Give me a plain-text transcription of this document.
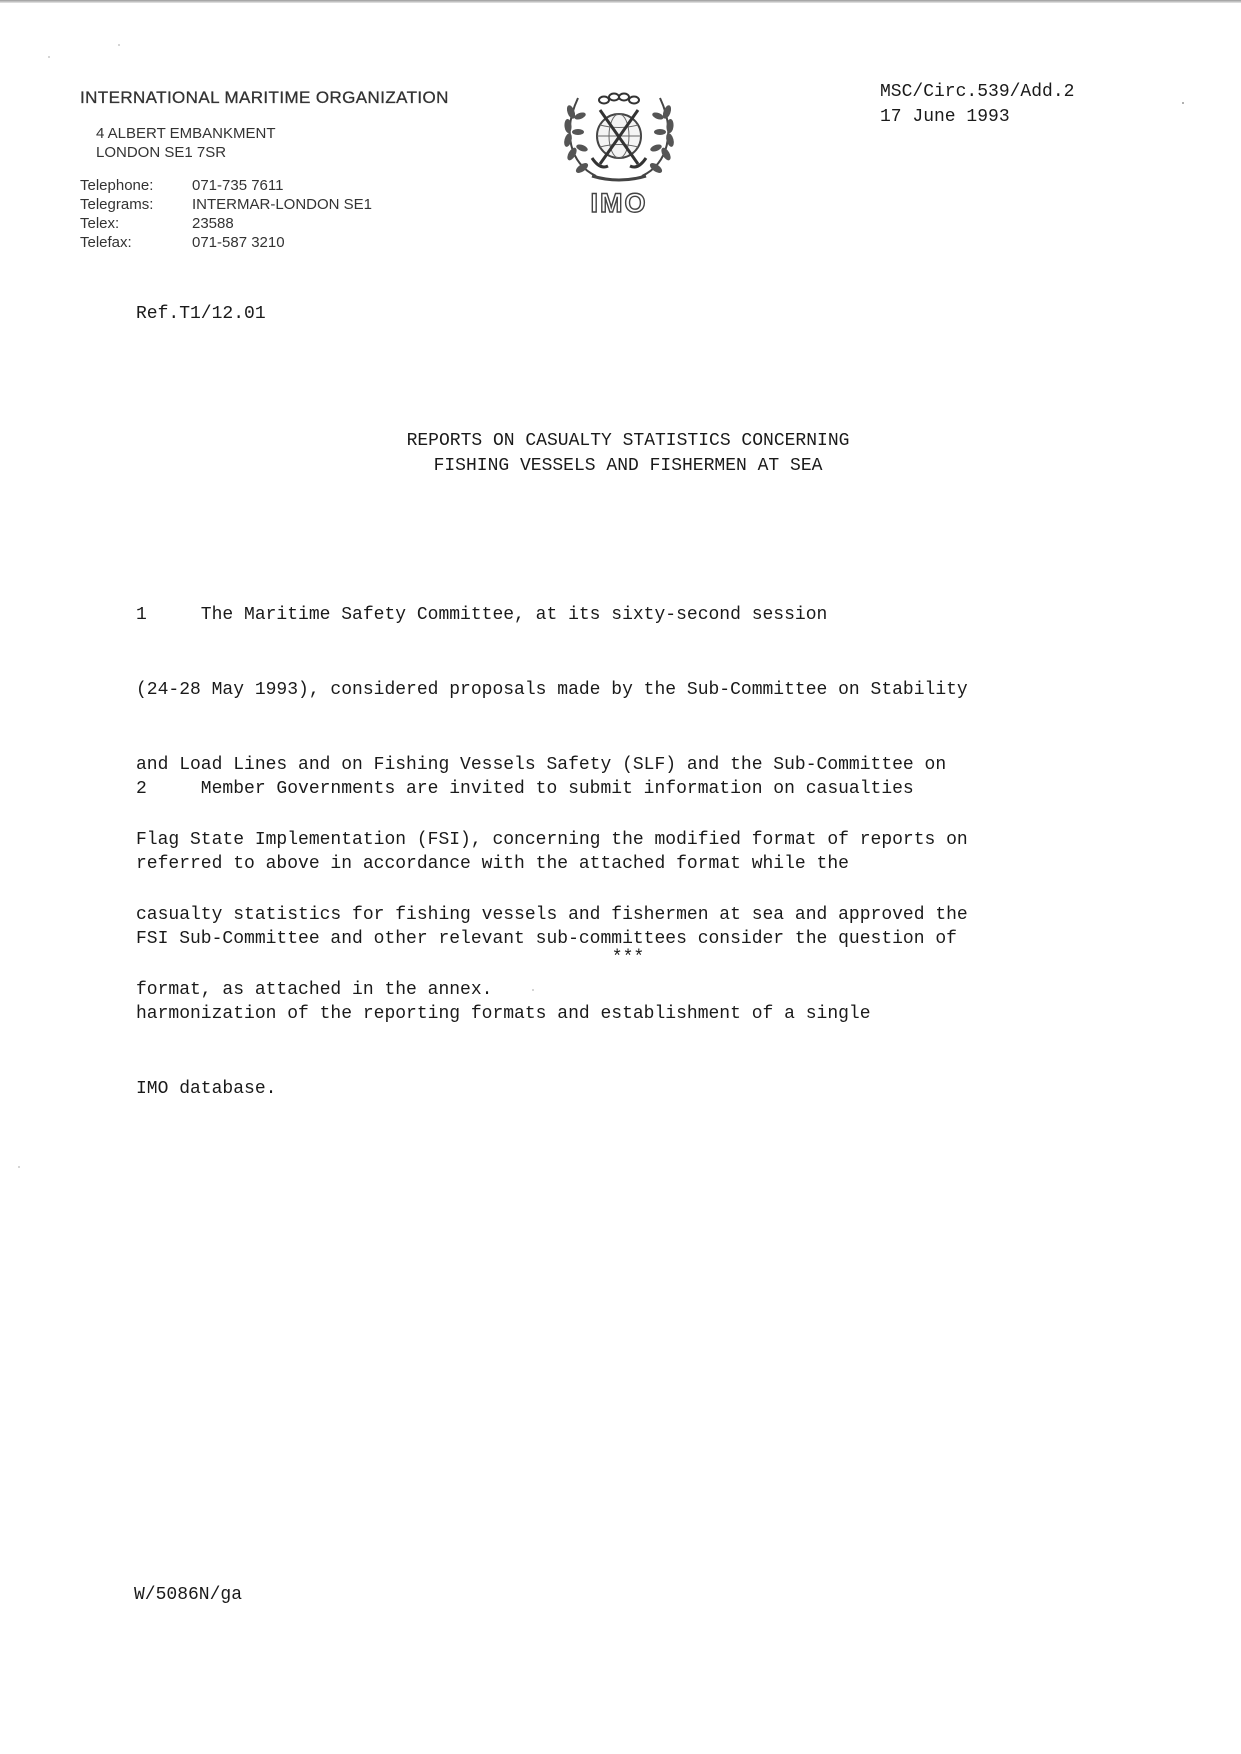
INTERNATIONAL MARITIME ORGANIZATION
4 ALBERT EMBANKMENT
LONDON SE1 7SR
Telephone:	071-735 7611
Telegrams:	INTERMAR-LONDON SE1
Telex:	23588
Telefax:	071-587 3210
IMO
MSC/Circ.539/Add.2
17 June 1993
Ref.T1/12.01
REPORTS ON CASUALTY STATISTICS CONCERNING
FISHING VESSELS AND FISHERMEN AT SEA

1     The Maritime Safety Committee, at its sixty-second session

(24-28 May 1993), considered proposals made by the Sub-Committee on Stability

and Load Lines and on Fishing Vessels Safety (SLF) and the Sub-Committee on

Flag State Implementation (FSI), concerning the modified format of reports on

casualty statistics for fishing vessels and fishermen at sea and approved the

format, as attached in the annex.

2     Member Governments are invited to submit information on casualties

referred to above in accordance with the attached format while the

FSI Sub-Committee and other relevant sub-committees consider the question of

harmonization of the reporting formats and establishment of a single

IMO database.

***
W/5086N/ga
